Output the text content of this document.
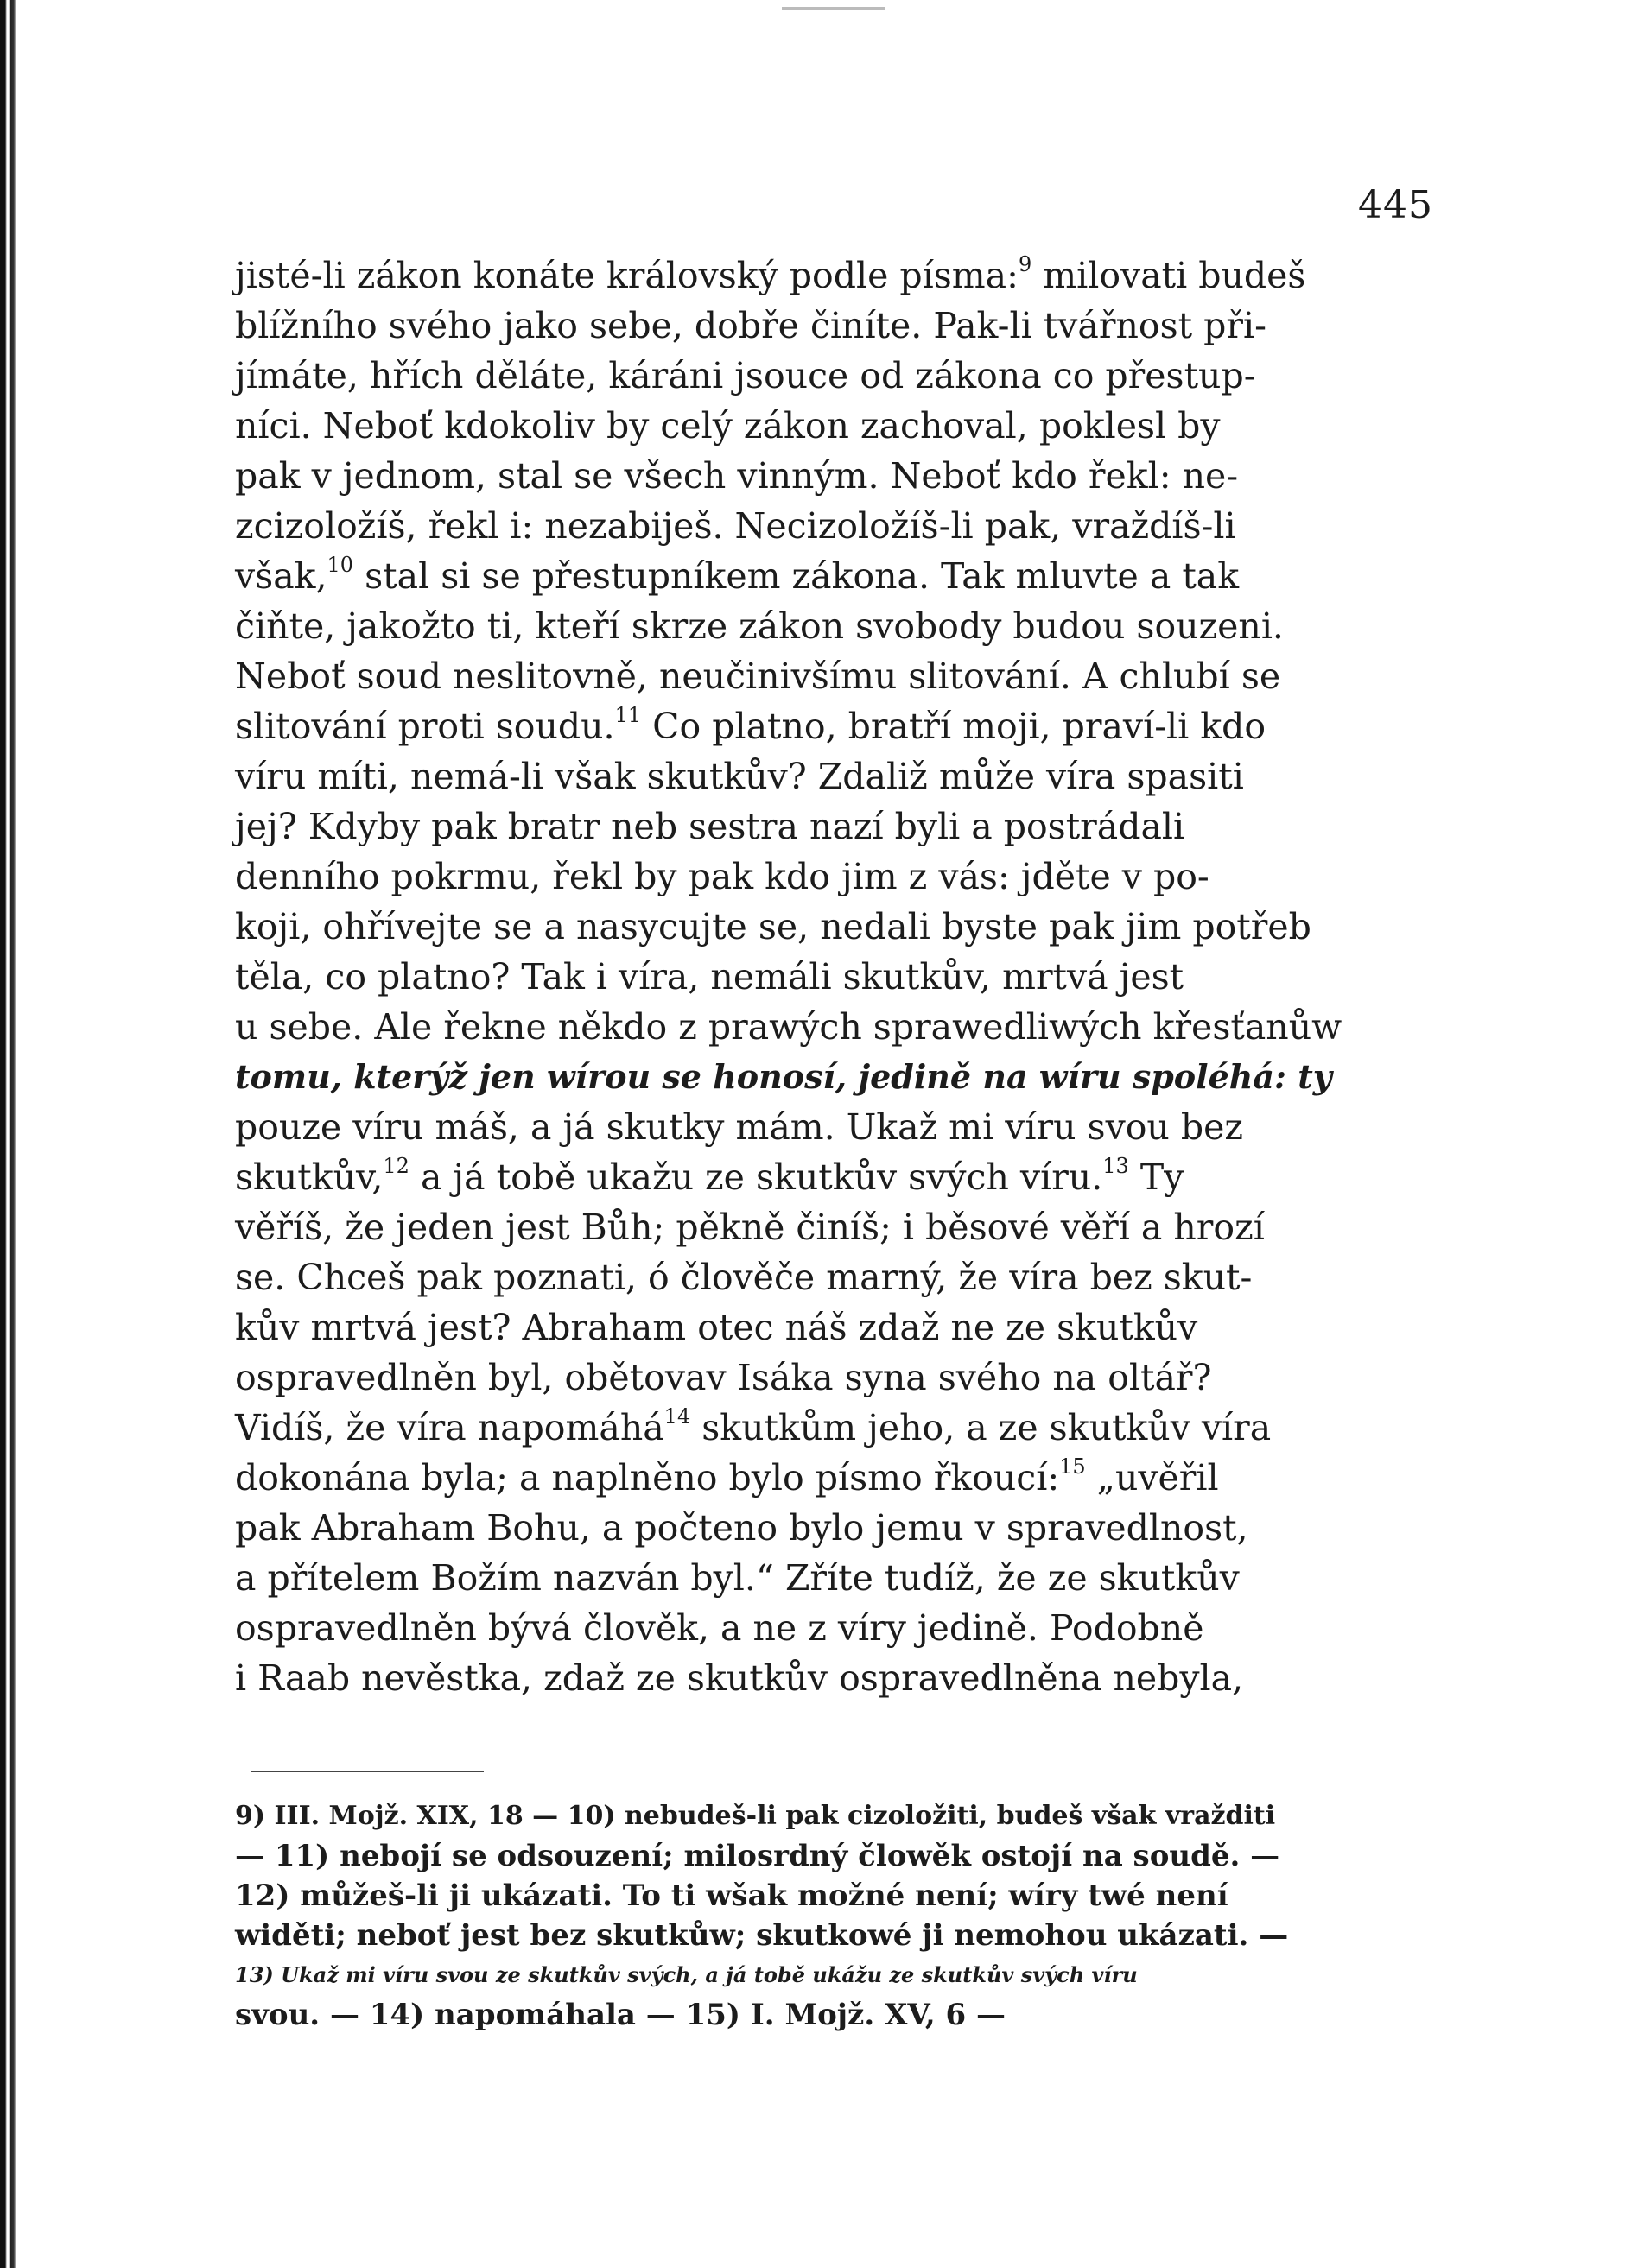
445
jisté-li zákon konáte královský podle písma:$^9$ milovati budeš
blížního svého jako sebe, dobře činíte. Pak-li tvářnost při-
jímáte, hřích děláte, káráni jsouce od zákona co přestup-
níci. Neboť kdokoliv by celý zákon zachoval, poklesl by
pak v jednom, stal se všech vinným. Neboť kdo řekl: ne-
zcizoložíš, řekl i: nezabiješ. Necizoložíš-li pak, vraždíš-li
však,$^{10}$ stal si se přestupníkem zákona. Tak mluvte a tak
čiňte, jakožto ti, kteří skrze zákon svobody budou souzeni.
Neboť soud neslitovně, neučinivšímu slitování. A chlubí se
slitování proti soudu.$^{11}$ Co platno, bratří moji, praví-li kdo
víru míti, nemá-li však skutkův? Zdaliž může víra spasiti
jej? Kdyby pak bratr neb sestra nazí byli a postrádali
denního pokrmu, řekl by pak kdo jim z vás: jděte v po-
koji, ohřívejte se a nasycujte se, nedali byste pak jim potřeb
těla, co platno? Tak i víra, nemáli skutkův, mrtvá jest
u sebe. Ale řekne někdo z prawých sprawedliwých křesťanůw
tomu, kterýž jen wírou se honosí, jedině na wíru spoléhá: ty
pouze víru máš, a já skutky mám. Ukaž mi víru svou bez
skutkův,$^{12}$ a já tobě ukažu ze skutkův svých víru.$^{13}$ Ty
věříš, že jeden jest Bůh; pěkně činíš; i běsové věří a hrozí
se. Chceš pak poznati, ó člověče marný, že víra bez skut-
kův mrtvá jest? Abraham otec náš zdaž ne ze skutkův
ospravedlněn byl, obětovav Isáka syna svého na oltář?
Vidíš, že víra napomáhá$^{14}$ skutkům jeho, a ze skutkův víra
dokonána byla; a naplněno bylo písmo řkoucí:$^{15}$ „uvěřil
pak Abraham Bohu, a počteno bylo jemu v spravedlnost,
a přítelem Božím nazván byl.“ Zříte tudíž, že ze skutkův
ospravedlněn bývá člověk, a ne z víry jedině. Podobně
i Raab nevěstka, zdaž ze skutkův ospravedlněna nebyla,
9) III. Mojž. XIX, 18 — 10) nebudeš-li pak cizoložiti, budeš však vražditi
— 11) nebojí se odsouzení; milosrdný člowěk ostojí na soudě. —
12) můžeš-li ji ukázati. To ti wšak možné není; wíry twé není
widěti; neboť jest bez skutkůw; skutkowé ji nemohou ukázati. —
13) Ukaž mi víru svou ze skutkův svých, a já tobě ukážu ze skutkův svých víru
svou. — 14) napomáhala — 15) I. Mojž. XV, 6 —
